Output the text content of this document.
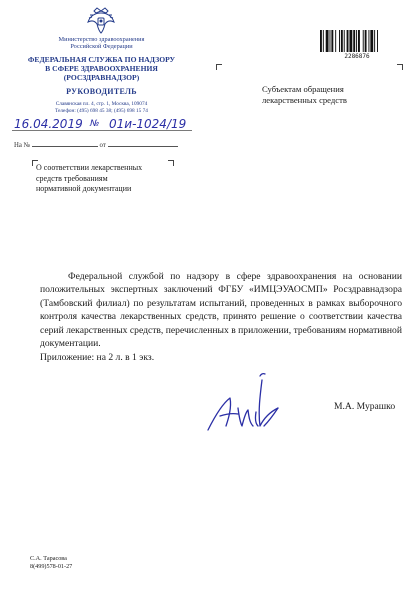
Министерство здравоохранения
Российской Федерации
ФЕДЕРАЛЬНАЯ СЛУЖБА ПО НАДЗОРУ
В СФЕРЕ ЗДРАВООХРАНЕНИЯ
(РОСЗДРАВНАДЗОР)
РУКОВОДИТЕЛЬ
Славянская пл. 4, стр. 1, Москва, 109074
Телефон: (495) 698 45 38; (495) 698 15 74
16.04.2019 № 01и-1024/19
На №	от
О соответствии лекарственных
средств требованиям
нормативной документации
Субъектам обращения
лекарственных средств
2286876
Федеральной службой по надзору в сфере здравоохранения на основании положительных экспертных заключений ФГБУ «ИМЦЭУАОСМП» Росздравнадзора (Тамбовский филиал) по результатам испытаний, проведенных в рамках выборочного контроля качества лекарственных средств, принято решение о соответствии качества серий лекарственных средств, перечисленных в приложении, требованиям нормативной документации.
Приложение: на 2 л. в 1 экз.
М.А. Мурашко
С.А. Тарасова
8(499)578-01-27
